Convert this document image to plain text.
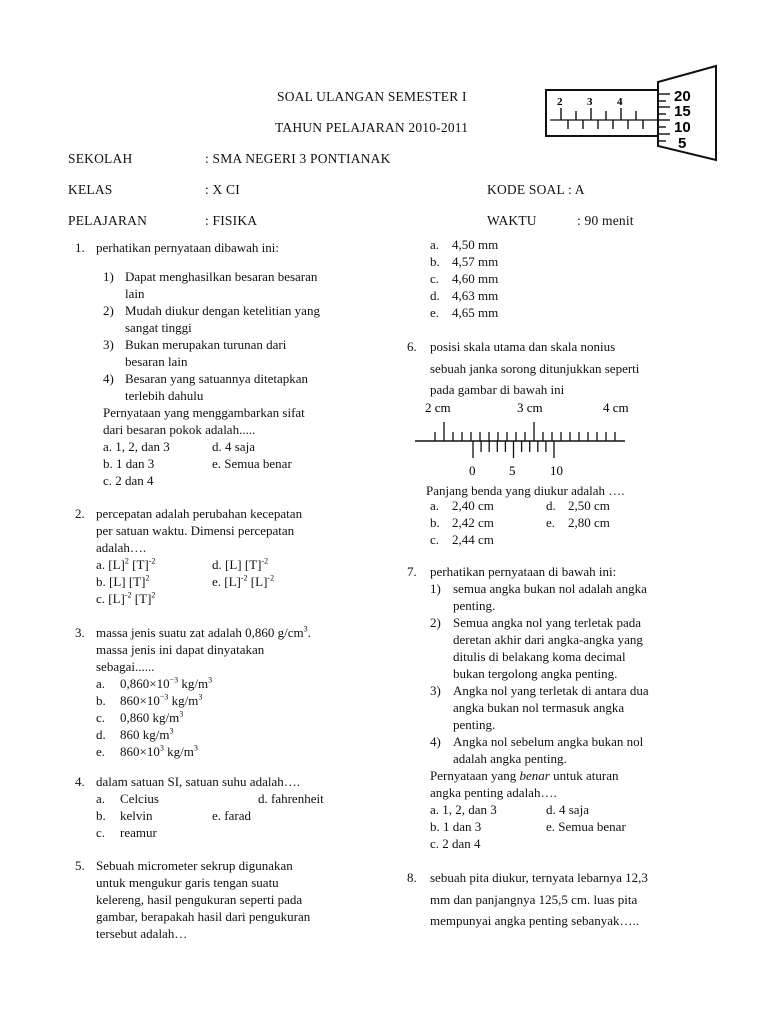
SOAL ULANGAN SEMESTER I
TAHUN PELAJARAN 2010-2011
SEKOLAH	: SMA NEGERI 3 PONTIANAK
KELAS	: X CI	KODE SOAL : A
PELAJARAN	: FISIKA	WAKTU	: 90 menit
2 3 4	20
15
10
5
1. perhatikan pernyataan dibawah ini:
1) Dapat menghasilkan besaran besaran
lain
2) Mudah diukur dengan ketelitian yang
sangat tinggi
3) Bukan merupakan turunan dari
besaran lain
4) Besaran yang satuannya ditetapkan
terlebih dahulu
Pernyataan yang menggambarkan sifat
dari besaran pokok adalah.....
a. 1, 2, dan 3	d. 4 saja
b. 1 dan 3	e. Semua benar
c. 2 dan 4
2. percepatan adalah perubahan kecepatan
per satuan waktu. Dimensi percepatan
adalah….
a. $[L]^2$ $[T]^{-2}$	d. [L] $[T]^{-2}$
b. [L] $[T]^2$	e. $[L]^{-2}$ $[L]^{-2}$
c. $[L]^{-2}$ $[T]^2$
3. massa jenis suatu zat adalah 0,860 $g/cm^3$.
massa jenis ini dapat dinyatakan
sebagai......
a. $0,860\times 10^{-3}$ $kg/m^3$
b. $860\times 10^{-3}$ $kg/m^3$
c. 0,860 $kg/m^3$
d. 860 $kg/m^3$
e. $860\times 10^3$ $kg/m^3$
4. dalam satuan SI, satuan suhu adalah….
a. Celcius	d. fahrenheit
b. kelvin	e. farad
c. reamur
5. Sebuah micrometer sekrup digunakan
untuk mengukur garis tengan suatu
kelereng, hasil pengukuran seperti pada
gambar, berapakah hasil dari pengukuran
tersebut adalah…
a. 4,50 mm
b. 4,57 mm
c. 4,60 mm
d. 4,63 mm
e. 4,65 mm
6. posisi skala utama dan skala nonius
sebuah janka sorong ditunjukkan seperti
pada gambar di bawah ini
2 cm	3 cm	4 cm
0	5	10
Panjang benda yang diukur adalah ….
a. 2,40 cm	d. 2,50 cm
b. 2,42 cm	e. 2,80 cm
c. 2,44 cm
7. perhatikan pernyataan di bawah ini:
1) semua angka bukan nol adalah angka
penting.
2) Semua angka nol yang terletak pada
deretan akhir dari angka-angka yang
ditulis di belakang koma decimal
bukan tergolong angka penting.
3) Angka nol yang terletak di antara dua
angka bukan nol termasuk angka
penting.
4) Angka nol sebelum angka bukan nol
adalah angka penting.
Pernyataan yang benar untuk aturan
angka penting adalah….
a. 1, 2, dan 3	d. 4 saja
b. 1 dan 3	e. Semua benar
c. 2 dan 4
8. sebuah pita diukur, ternyata lebarnya 12,3
mm dan panjangnya 125,5 cm. luas pita
mempunyai angka penting sebanyak…..
